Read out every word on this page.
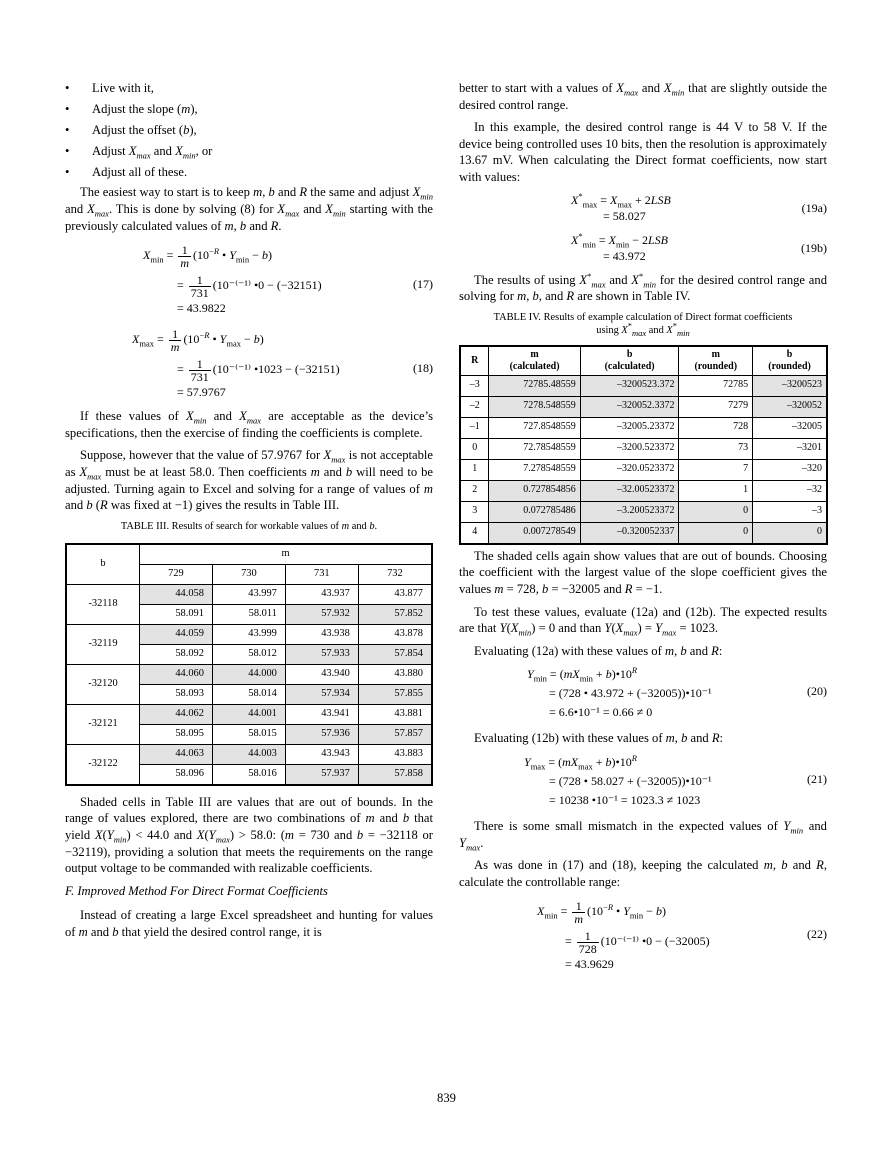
• Live with it,
• Adjust the slope (m),
• Adjust the offset (b),
• Adjust $X_{max}$ and $X_{min}$, or
• Adjust all of these.

The easiest way to start is to keep m, b and R the same and adjust $X_{min}$ and $X_{max}$. This is done by solving (8) for $X_{max}$ and $X_{min}$ starting with the previously calculated values of m, b and R.

(17)
$X_{min} = \frac{1}{m} (10^{-R}$ • $Y_{min} - b$)
= $\frac{1}{731} (10^{-(-1)}$ •0 − (−32151)
= 43.9822
(18)
$X_{max} = \frac{1}{m} (10^{-R}$ • $Y_{max} - b$)
= $\frac{1}{731} (10^{-(-1)}$ •1023 − (−32151)
= 57.9767

If these values of $X_{min}$ and $X_{max}$ are acceptable as the device’s specifications, then the exercise of finding the coefficients is complete.

Suppose, however that the value of 57.9767 for $X_{max}$ is not acceptable as $X_{max}$ must be at least 58.0. Then coefficients m and b will need to be adjusted. Turning again to Excel and solving for a range of values of m and b (R was fixed at −1) gives the results in Table III.

TABLE III. Results of search for workable values of m and b.
b	m			
	729	730	731	732
-32118	44.058	43.997	43.937	43.877
	58.091	58.011	57.932	57.852
-32119	44.059	43.999	43.938	43.878
	58.092	58.012	57.933	57.854
-32120	44.060	44.000	43.940	43.880
	58.093	58.014	57.934	57.855
-32121	44.062	44.001	43.941	43.881
	58.095	58.015	57.936	57.857
-32122	44.063	44.003	43.943	43.883
	58.096	58.016	57.937	57.858

Shaded cells in Table III are values that are out of bounds. In the range of values explored, there are two combinations of m and b that yield $X(Y_{min}) < 44.0$ and $X(Y_{max}) > 58.0$: (m = 730 and b = −32118 or −32119), providing a solution that meets the requirements on the range output voltage to be commanded with realizable coefficients.

F. Improved Method For Direct Format Coefficients

Instead of creating a large Excel spreadsheet and hunting for values of m and b that yield the desired control range, it is

better to start with a values of $X_{max}$ and $X_{min}$ that are slightly outside the desired control range.

In this example, the desired control range is 44 V to 58 V. If the device being controlled uses 10 bits, then the resolution is approximately 13.67 mV. When calculating the Direct format coefficients, now start with values:

(19a)
$X^*_{max} = X_{max} + 2LSB$
= 58.027
(19b)
$X^*_{min} = X_{min} - 2LSB$
= 43.972

The results of using $X^*_{max}$ and $X^*_{min}$ for the desired control range and solving for m, b, and R are shown in Table IV.

TABLE IV. Results of example calculation of Direct format coefficients
using $X^*_{max}$ and $X^*_{min}$
R	m
(calculated)	b
(calculated)	m
(rounded)	b
(rounded)
–3	72785.48559	–3200523.372	72785	–3200523
–2	7278.548559	–320052.3372	7279	–320052
–1	727.8548559	–32005.23372	728	–32005
0	72.78548559	–3200.523372	73	–3201
1	7.278548559	–320.0523372	7	–320
2	0.727854856	–32.00523372	1	–32
3	0.072785486	–3.200523372	0	–3
4	0.007278549	–0.320052337	0	0

The shaded cells again show values that are out of bounds. Choosing the coefficient with the largest value of the slope coefficient gives the values m = 728, b = −32005 and R = −1.

To test these values, evaluate (12a) and (12b). The expected results are that $Y(X_{min}) = 0$ and than $Y(X_{max}) = Y_{max} = 1023$.

Evaluating (12a) with these values of m, b and R:

(20)
$Y_{min} = (mX_{min}$ + $b)•10^R$
= (728 • 43.972 + (−32005))•10⁻¹
= 6.6•10⁻¹ = 0.66 ≠ 0

Evaluating (12b) with these values of m, b and R:

(21)
$Y_{max} = (mX_{max}$ + $b)•10^R$
= (728 • 58.027 + (−32005))•10⁻¹
= 10238 •10⁻¹ = 1023.3 ≠ 1023

There is some small mismatch in the expected values of $Y_{min}$ and $Y_{max}$.

As was done in (17) and (18), keeping the calculated m, b and R, calculate the controllable range:

(22)
$X_{min} = \frac{1}{m} (10^{-R}$ • $Y_{min} - b$)
= $\frac{1}{728} (10^{-(-1)}$ •0 − (−32005)
= 43.9629
839
